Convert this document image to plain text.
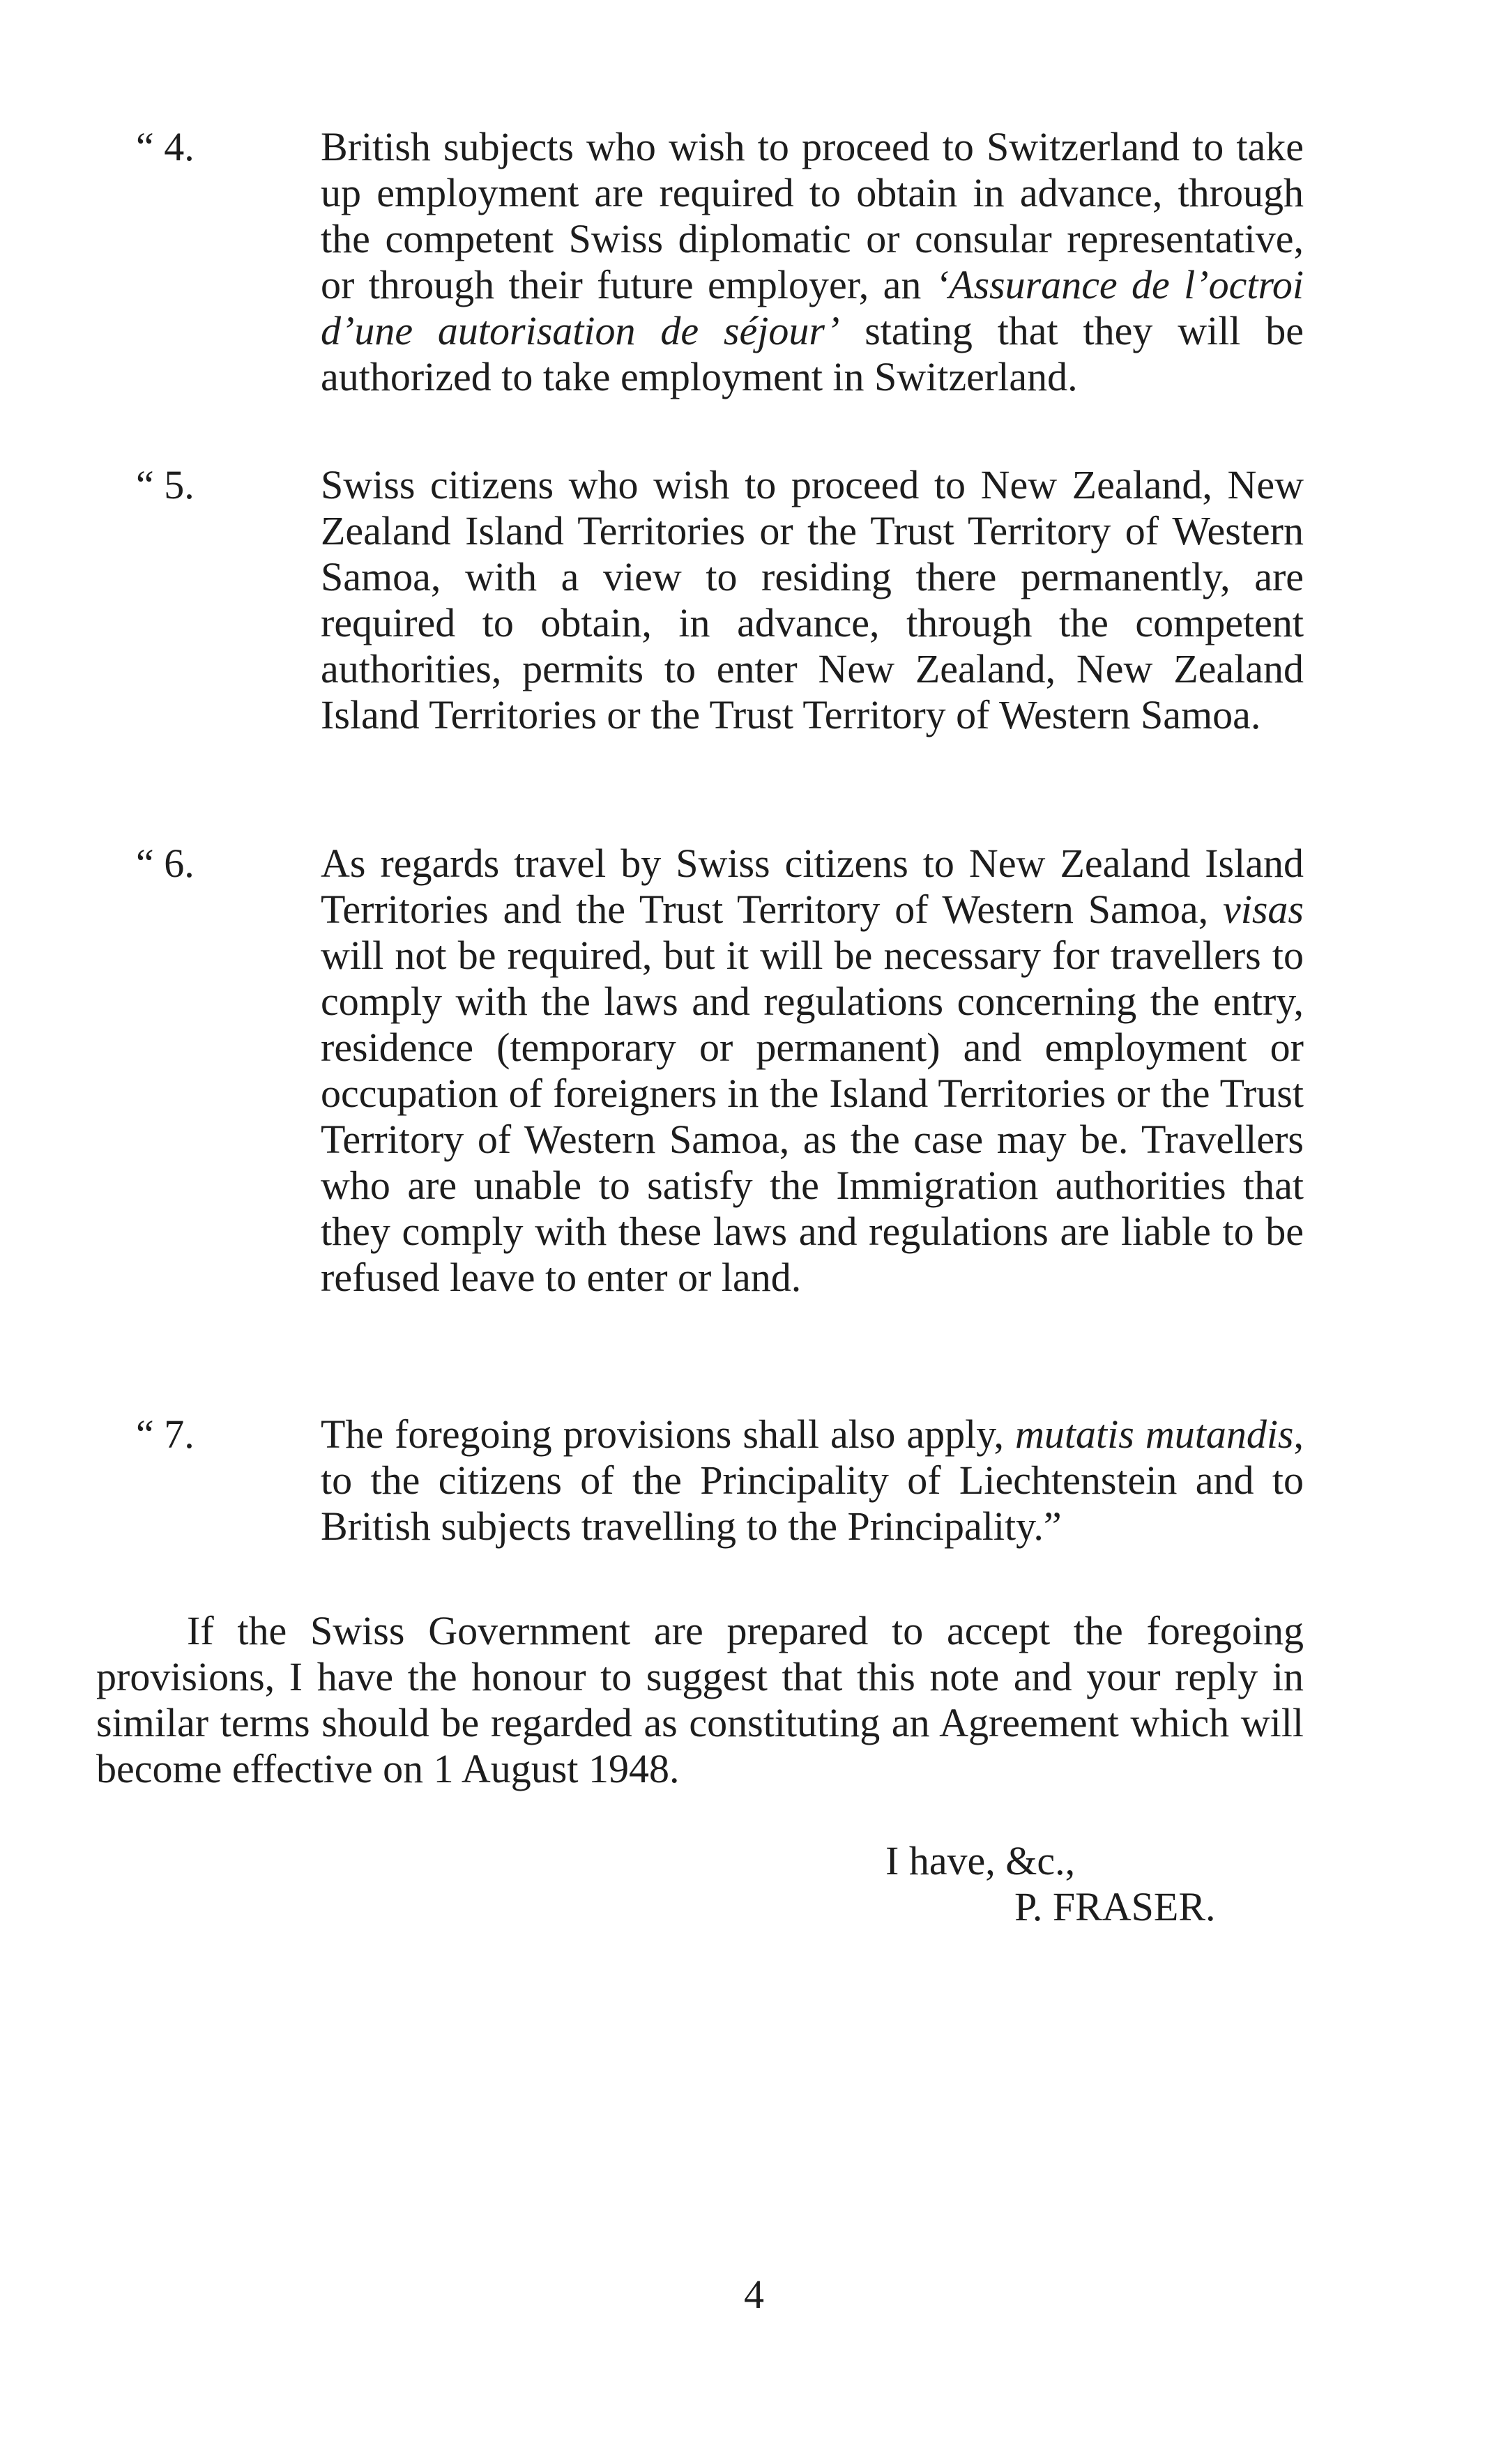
“ 4.	British subjects who wish to proceed to Switzerland to take up employment are required to obtain in advance, through the competent Swiss diplomatic or consular representative, or through their future employer, an ‘Assurance de l’octroi d’une autorisation de séjour’ stating that they will be authorized to take employment in Switzerland.
“ 5.	Swiss citizens who wish to proceed to New Zealand, New Zealand Island Territories or the Trust Territory of Western Samoa, with a view to residing there permanently, are required to obtain, in advance, through the competent authorities, permits to enter New Zealand, New Zealand Island Territories or the Trust Territory of Western Samoa.
“ 6.	As regards travel by Swiss citizens to New Zealand Island Territories and the Trust Territory of Western Samoa, visas will not be required, but it will be necessary for travellers to comply with the laws and regulations concerning the entry, residence (temporary or permanent) and employment or occupation of foreigners in the Island Territories or the Trust Territory of Western Samoa, as the case may be. Travellers who are unable to satisfy the Immigration authorities that they comply with these laws and regulations are liable to be refused leave to enter or land.
“ 7.	The foregoing provisions shall also apply, mutatis mutandis, to the citizens of the Principality of Liechtenstein and to British subjects travelling to the Principality.”
If the Swiss Government are prepared to accept the foregoing provisions, I have the honour to suggest that this note and your reply in similar terms should be regarded as constituting an Agreement which will become effective on 1 August 1948.
I have, &c.,
P. FRASER.
4
